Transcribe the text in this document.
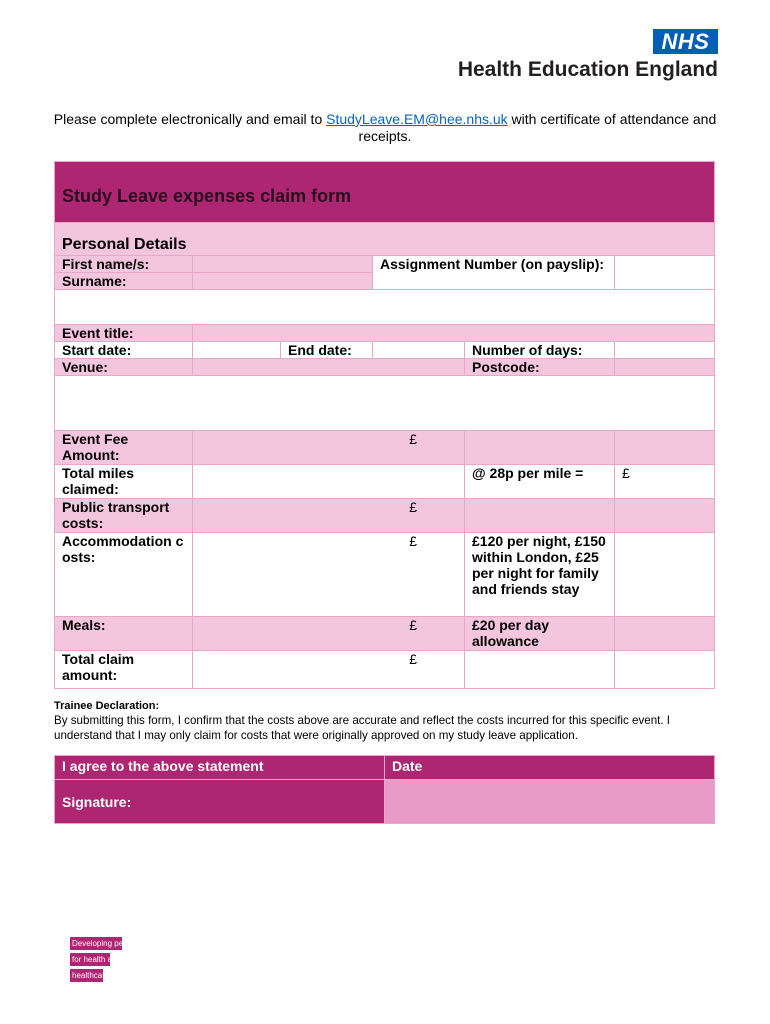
NHS
Health Education England
Please complete electronically and email to StudyLeave.EM@hee.nhs.uk with certificate of attendance and receipts.
Study Leave expenses claim form					
Personal Details					
First name/s:			Assignment Number (on payslip):		
Surname:					

Event title:					
Start date:		End date:		Number of days:	
Venue:				Postcode:	

Event Fee Amount:	£				
Total miles claimed:				@ 28p per mile =	£
Public transport costs:	£				
Accommodation costs:	£			£120 per night, £150 within London, £25 per night for family and friends stay	
Meals:	£			£20 per day allowance	
Total claim amount:	£				
Trainee Declaration:
By submitting this form, I confirm that the costs above are accurate and reflect the costs incurred for this specific event. I understand that I may only claim for costs that were originally approved on my study leave application.
I agree to the above statement	Date
Signature:	
Developing people
for health and
healthcare
